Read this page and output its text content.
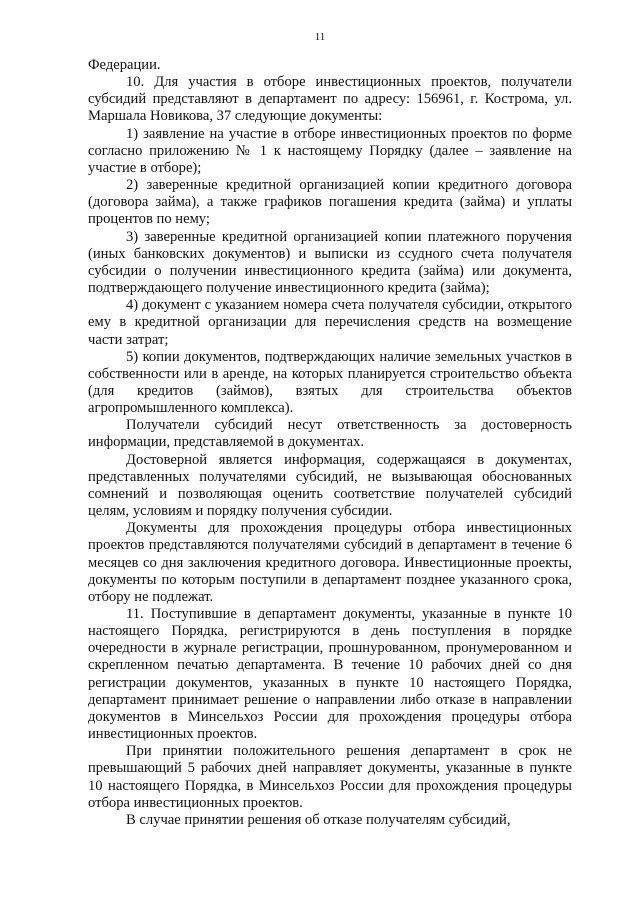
11

Федерации.

10. Для участия в отборе инвестиционных проектов, получатели субсидий представляют в департамент по адресу: 156961, г. Кострома, ул. Маршала Новикова, 37 следующие документы:

1) заявление на участие в отборе инвестиционных проектов по форме согласно приложению № 1 к настоящему Порядку (далее – заявление на участие в отборе);

2) заверенные кредитной организацией копии кредитного договора (договора займа), а также графиков погашения кредита (займа) и уплаты процентов по нему;

3) заверенные кредитной организацией копии платежного поручения (иных банковских документов) и выписки из ссудного счета получателя субсидии о получении инвестиционного кредита (займа) или документа, подтверждающего получение инвестиционного кредита (займа);

4) документ с указанием номера счета получателя субсидии, открытого ему в кредитной организации для перечисления средств на возмещение части затрат;

5) копии документов, подтверждающих наличие земельных участков в собственности или в аренде, на которых планируется строительство объекта (для кредитов (займов), взятых для строительства объектов агропромышленного комплекса).

Получатели субсидий несут ответственность за достоверность информации, представляемой в документах.

Достоверной является информация, содержащаяся в документах, представленных получателями субсидий, не вызывающая обоснованных сомнений и позволяющая оценить соответствие получателей субсидий целям, условиям и порядку получения субсидии.

Документы для прохождения процедуры отбора инвестиционных проектов представляются получателями субсидий в департамент в течение 6 месяцев со дня заключения кредитного договора. Инвестиционные проекты, документы по которым поступили в департамент позднее указанного срока, отбору не подлежат.

11. Поступившие в департамент документы, указанные в пункте 10 настоящего Порядка, регистрируются в день поступления в порядке очередности в журнале регистрации, прошнурованном, пронумерованном и скрепленном печатью департамента. В течение 10 рабочих дней со дня регистрации документов, указанных в пункте 10 настоящего Порядка, департамент принимает решение о направлении либо отказе в направлении документов в Минсельхоз России для прохождения процедуры отбора инвестиционных проектов.

При принятии положительного решения департамент в срок не превышающий 5 рабочих дней направляет документы, указанные в пункте 10 настоящего Порядка, в Минсельхоз России для прохождения процедуры отбора инвестиционных проектов.

В случае принятии решения об отказе получателям субсидий,
